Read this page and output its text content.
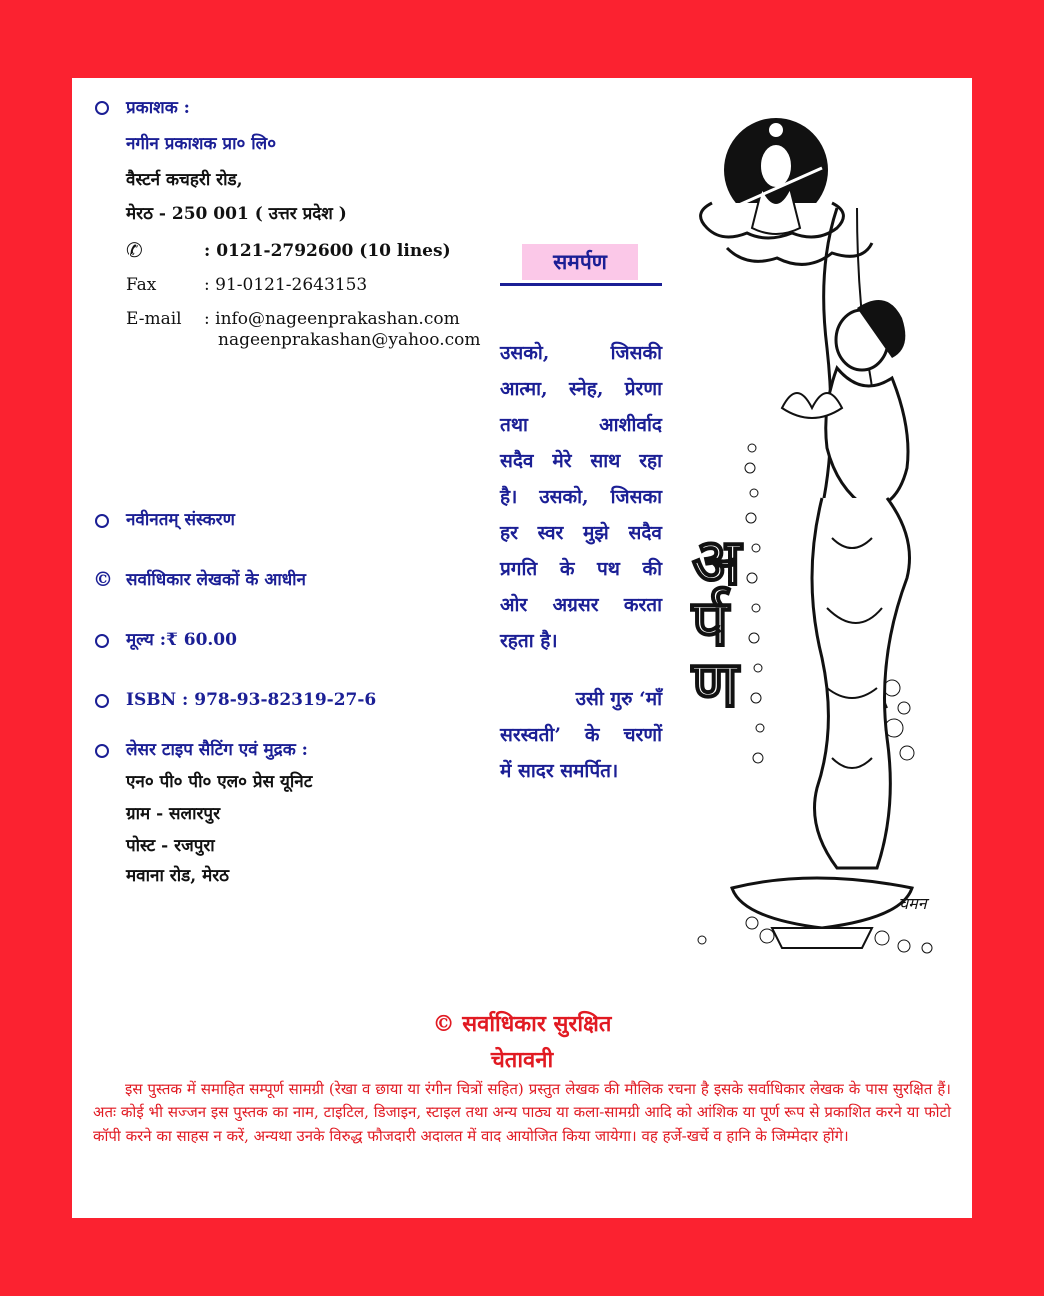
प्रकाशक :
नगीन प्रकाशक प्रा० लि०
वैस्टर्न कचहरी रोड,
मेरठ - 250 001 ( उत्तर प्रदेश )
✆	: 0121-2792600 (10 lines)
Fax	: 91-0121-2643153
E-mail : info@nageenprakashan.com
nageenprakashan@yahoo.com
नवीनतम् संस्करण
© सर्वाधिकार लेखकों के आधीन
मूल्य :₹ 60.00
ISBN : 978-93-82319-27-6
लेसर टाइप सैटिंग एवं मुद्रक :
एन० पी० पी० एल० प्रेस यूनिट
ग्राम - सलारपुर
पोस्ट - रजपुरा
मवाना रोड, मेरठ
समर्पण
उसको, जिसकी
आत्मा, स्नेह, प्रेरणा
तथा आशीर्वाद
सदैव मेरे साथ रहा
है। उसको, जिसका
हर स्वर मुझे सदैव
प्रगति के पथ की
ओर अग्रसर करता
रहता है।
उसी गुरु ‘माँ
सरस्वती’ के चरणों
में सादर समर्पित।
अर्पण
चमन
© सर्वाधिकार सुरक्षित
चेतावनी
इस पुस्तक में समाहित सम्पूर्ण सामग्री (रेखा व छाया या रंगीन चित्रों सहित) प्रस्तुत लेखक की मौलिक रचना है इसके सर्वाधिकार लेखक के पास सुरक्षित हैं। अतः कोई भी सज्जन इस पुस्तक का नाम, टाइटिल, डिजाइन, स्टाइल तथा अन्य पाठ्य या कला-सामग्री आदि को आंशिक या पूर्ण रूप से प्रकाशित करने या फोटो कॉपी करने का साहस न करें, अन्यथा उनके विरुद्ध फौजदारी अदालत में वाद आयोजित किया जायेगा। वह हर्जे-खर्चे व हानि के जिम्मेदार होंगे।
